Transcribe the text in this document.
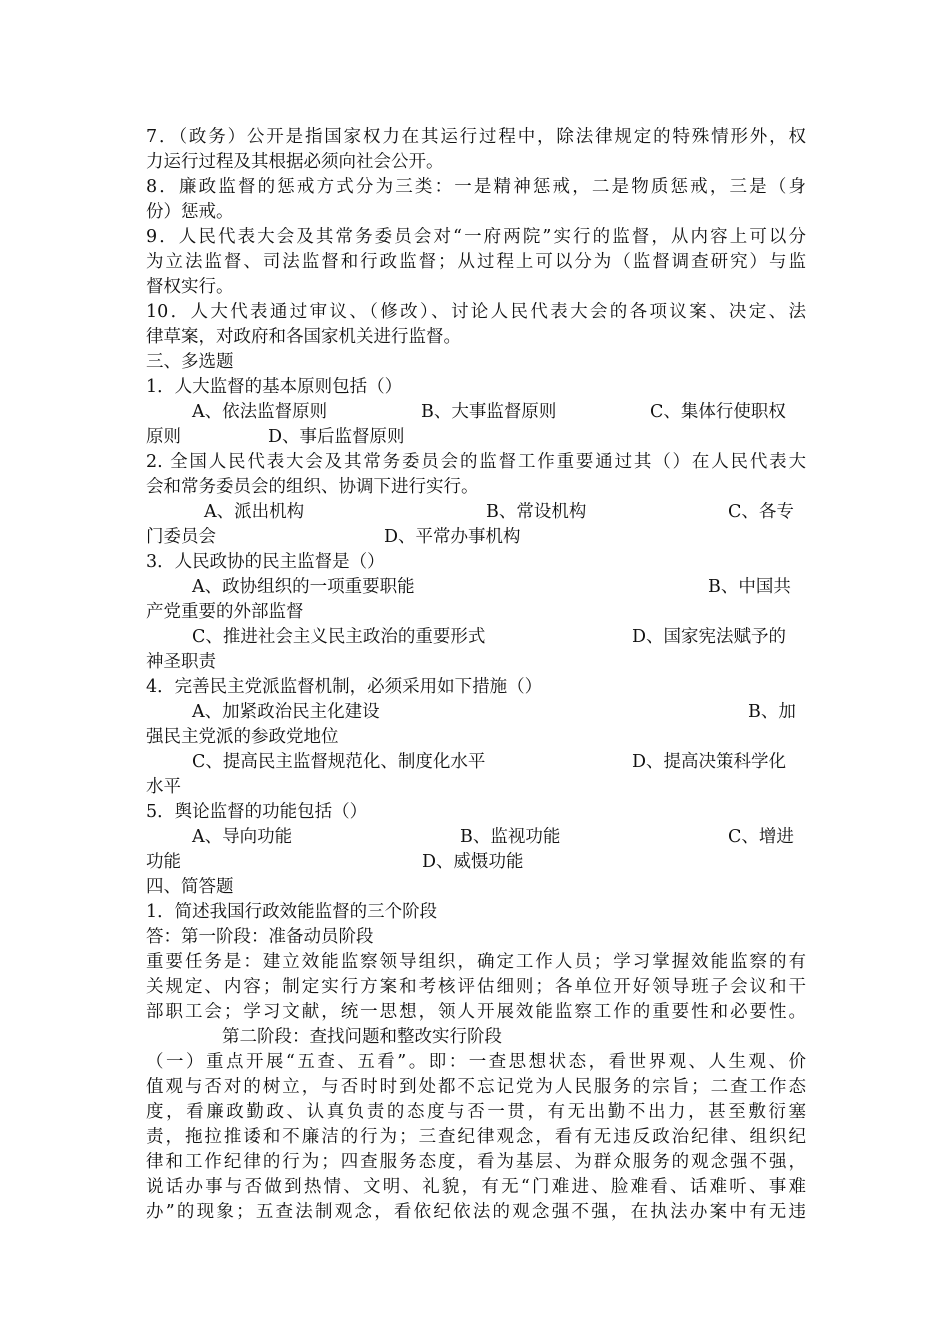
7．（政务）公开是指国家权力在其运行过程中，除法律规定的特殊情形外，权
力运行过程及其根据必须向社会公开。
8．廉政监督的惩戒方式分为三类：一是精神惩戒，二是物质惩戒，三是（身
份）惩戒。
9．人民代表大会及其常务委员会对“一府两院”实行的监督，从内容上可以分
为立法监督、司法监督和行政监督；从过程上可以分为（监督调查研究）与监
督权实行。
10．人大代表通过审议、（修改）、讨论人民代表大会的各项议案、决定、法
律草案，对政府和各国家机关进行监督。
三、多选题
1．人大监督的基本原则包括（）
A、依法监督原则	B、大事监督原则	C、集体行使职权
原则	D、事后监督原则
2. 全国人民代表大会及其常务委员会的监督工作重要通过其（）在人民代表大
会和常务委员会的组织、协调下进行实行。
A、派出机构	B、常设机构	C、各专
门委员会	D、平常办事机构
3．人民政协的民主监督是（）
A、政协组织的一项重要职能	B、中国共
产党重要的外部监督
C、推进社会主义民主政治的重要形式	D、国家宪法赋予的
神圣职责
4．完善民主党派监督机制，必须采用如下措施（）
A、加紧政治民主化建设	B、加
强民主党派的参政党地位
C、提高民主监督规范化、制度化水平	D、提高决策科学化
水平
5．舆论监督的功能包括（）
A、导向功能	B、监视功能	C、增进
功能	D、威慑功能
四、简答题
1．简述我国行政效能监督的三个阶段
答：第一阶段：准备动员阶段
重要任务是：建立效能监察领导组织，确定工作人员；学习掌握效能监察的有
关规定、内容；制定实行方案和考核评估细则；各单位开好领导班子会议和干
部职工会；学习文献，统一思想，领人开展效能监察工作的重要性和必要性。
第二阶段：查找问题和整改实行阶段
（一）重点开展“五查、五看”。即：一查思想状态，看世界观、人生观、价
值观与否对的树立，与否时时到处都不忘记党为人民服务的宗旨；二查工作态
度，看廉政勤政、认真负责的态度与否一贯，有无出勤不出力，甚至敷衍塞
责，拖拉推诿和不廉洁的行为；三查纪律观念，看有无违反政治纪律、组织纪
律和工作纪律的行为；四查服务态度，看为基层、为群众服务的观念强不强，
说话办事与否做到热情、文明、礼貌，有无“门难进、脸难看、话难听、事难
办”的现象；五查法制观念，看依纪依法的观念强不强，在执法办案中有无违
